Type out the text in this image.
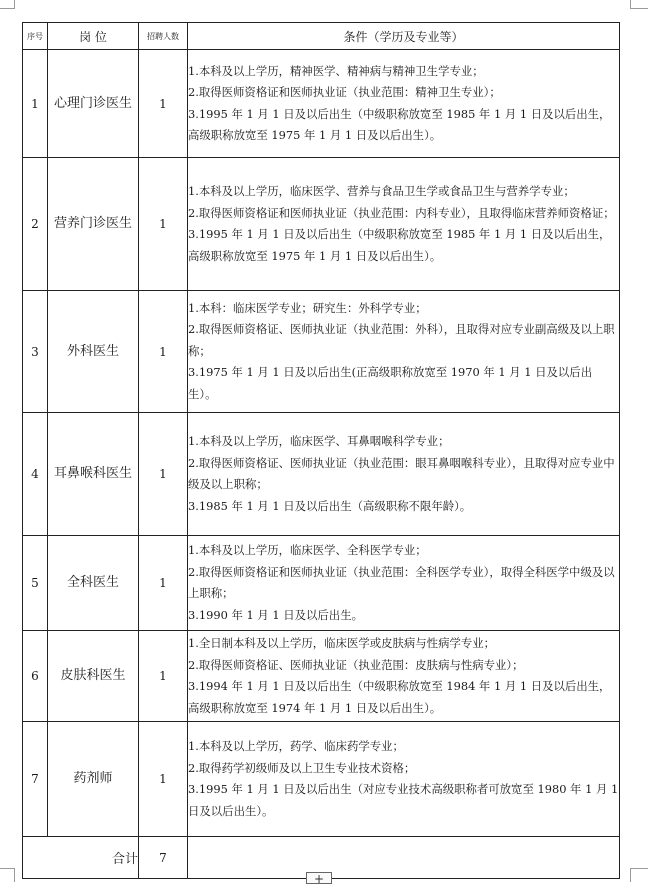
序号	岗 位	招聘人数	条件（学历及专业等）
1	心理门诊医生	1	1.本科及以上学历，精神医学、精神病与精神卫生学专业；
2.取得医师资格证和医师执业证（执业范围：精神卫生专业）；
3.1995 年 1 月 1 日及以后出生（中级职称放宽至 1985 年 1 月 1 日及以后出生，高级职称放宽至 1975 年 1 月 1 日及以后出生）。

2	营养门诊医生	1	1.本科及以上学历，临床医学、营养与食品卫生学或食品卫生与营养学专业；
2.取得医师资格证和医师执业证（执业范围：内科专业），且取得临床营养师资格证；
3.1995 年 1 月 1 日及以后出生（中级职称放宽至 1985 年 1 月 1 日及以后出生，高级职称放宽至 1975 年 1 月 1 日及以后出生）。

3	外科医生	1	1.本科：临床医学专业；研究生：外科学专业；
2.取得医师资格证、医师执业证（执业范围：外科），且取得对应专业副高级及以上职称；
3.1975 年 1 月 1 日及以后出生(正高级职称放宽至 1970 年 1 月 1 日及以后出生）。

4	耳鼻喉科医生	1	1.本科及以上学历，临床医学、耳鼻咽喉科学专业；
2.取得医师资格证、医师执业证（执业范围：眼耳鼻咽喉科专业），且取得对应专业中级及以上职称；
3.1985 年 1 月 1 日及以后出生（高级职称不限年龄）。

5	全科医生	1	1.本科及以上学历，临床医学、全科医学专业；
2.取得医师资格证和医师执业证（执业范围：全科医学专业），取得全科医学中级及以上职称；
3.1990 年 1 月 1 日及以后出生。

6	皮肤科医生	1	1.全日制本科及以上学历，临床医学或皮肤病与性病学专业；
2.取得医师资格证、医师执业证（执业范围：皮肤病与性病专业）；
3.1994 年 1 月 1 日及以后出生（中级职称放宽至 1984 年 1 月 1 日及以后出生，高级职称放宽至 1974 年 1 月 1 日及以后出生）。

7	药剂师	1	1.本科及以上学历，药学、临床药学专业；
2.取得药学初级师及以上卫生专业技术资格；
3.1995 年 1 月 1 日及以后出生（对应专业技术高级职称者可放宽至 1980 年 1 月 1 日及以后出生）。

合计		7	
+
